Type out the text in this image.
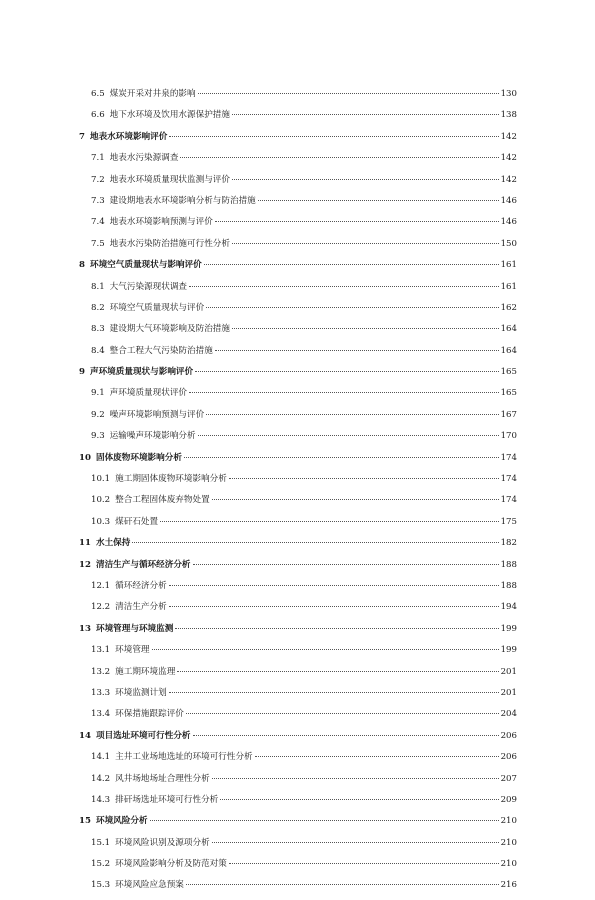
6.5 煤炭开采对井泉的影响	130
6.6 地下水环境及饮用水源保护措施	138
7 地表水环境影响评价	142
7.1 地表水污染源调查	142
7.2 地表水环境质量现状监测与评价	142
7.3 建设期地表水环境影响分析与防治措施	146
7.4 地表水环境影响预测与评价	146
7.5 地表水污染防治措施可行性分析	150
8 环境空气质量现状与影响评价	161
8.1 大气污染源现状调查	161
8.2 环境空气质量现状与评价	162
8.3 建设期大气环境影响及防治措施	164
8.4 整合工程大气污染防治措施	164
9 声环境质量现状与影响评价	165
9.1 声环境质量现状评价	165
9.2 噪声环境影响预测与评价	167
9.3 运输噪声环境影响分析	170
10 固体废物环境影响分析	174
10.1 施工期固体废物环境影响分析	174
10.2 整合工程固体废弃物处置	174
10.3 煤矸石处置	175
11 水土保持	182
12 清洁生产与循环经济分析	188
12.1 循环经济分析	188
12.2 清洁生产分析	194
13 环境管理与环境监测	199
13.1 环境管理	199
13.2 施工期环境监理	201
13.3 环境监测计划	201
13.4 环保措施跟踪评价	204
14 项目选址环境可行性分析	206
14.1 主井工业场地选址的环境可行性分析	206
14.2 风井场地场址合理性分析	207
14.3 排矸场选址环境可行性分析	209
15 环境风险分析	210
15.1 环境风险识别及源项分析	210
15.2 环境风险影响分析及防范对策	210
15.3 环境风险应急预案	216
